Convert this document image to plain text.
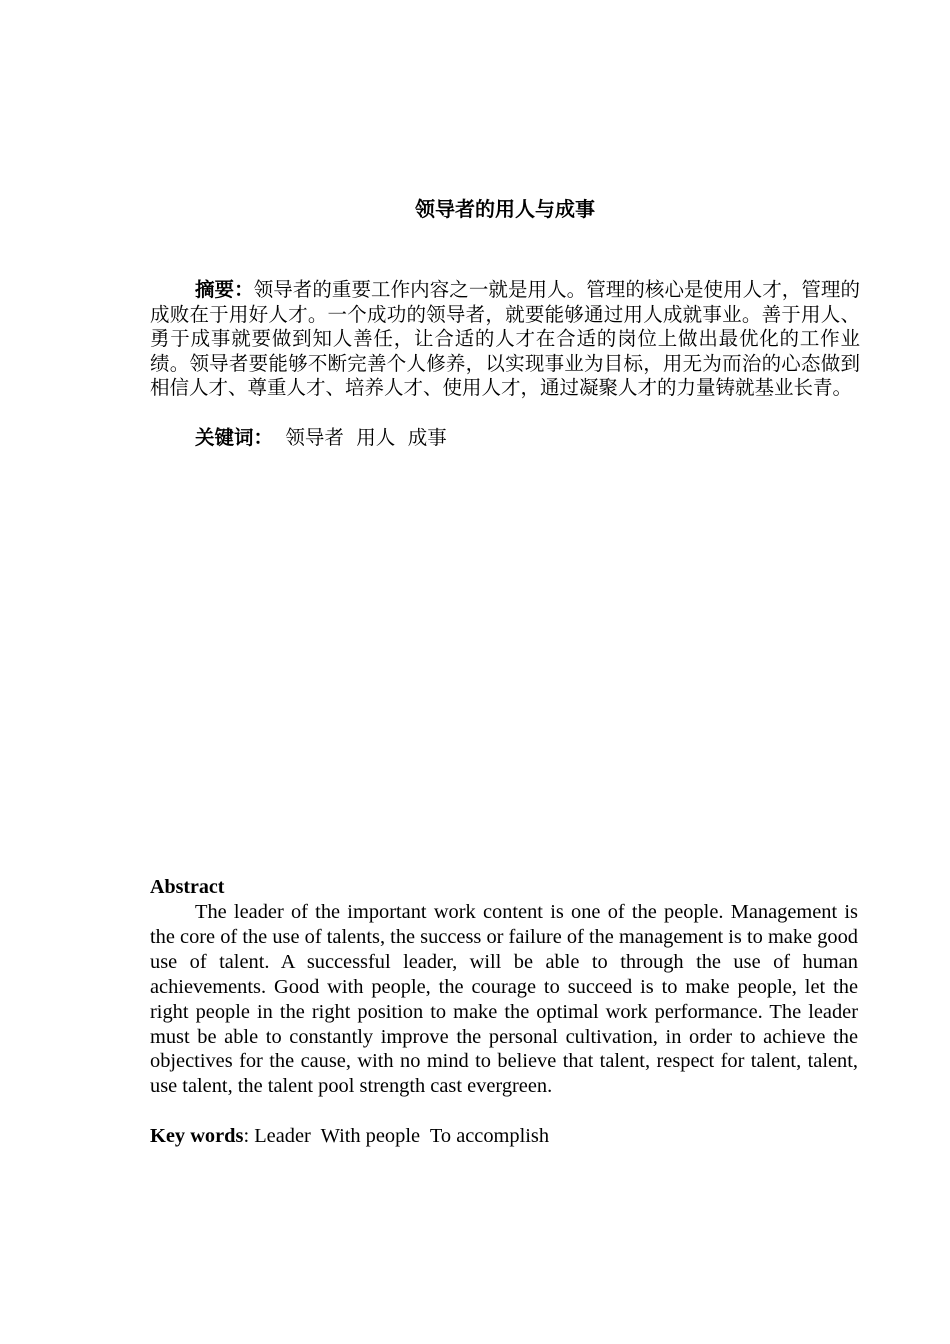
领导者的用人与成事

摘要：领导者的重要工作内容之一就是用人。管理的核心是使用人才，管理的成败在于用好人才。一个成功的领导者，就要能够通过用人成就事业。善于用人、勇于成事就要做到知人善任，让合适的人才在合适的岗位上做出最优化的工作业绩。领导者要能够不断完善个人修养，以实现事业为目标，用无为而治的心态做到相信人才、尊重人才、培养人才、使用人才，通过凝聚人才的力量铸就基业长青。

关键词：  领导者  用人  成事

Abstract

The leader of the important work content is one of the people. Management is the core of the use of talents, the success or failure of the management is to make good use of talent. A successful leader, will be able to through the use of human achievements. Good with people, the courage to succeed is to make people, let the right people in the right position to make the optimal work performance. The leader must be able to constantly improve the personal cultivation, in order to achieve the objectives for the cause, with no mind to believe that talent, respect for talent, talent, use talent, the talent pool strength cast evergreen.

Key words: Leader  With people  To accomplish
